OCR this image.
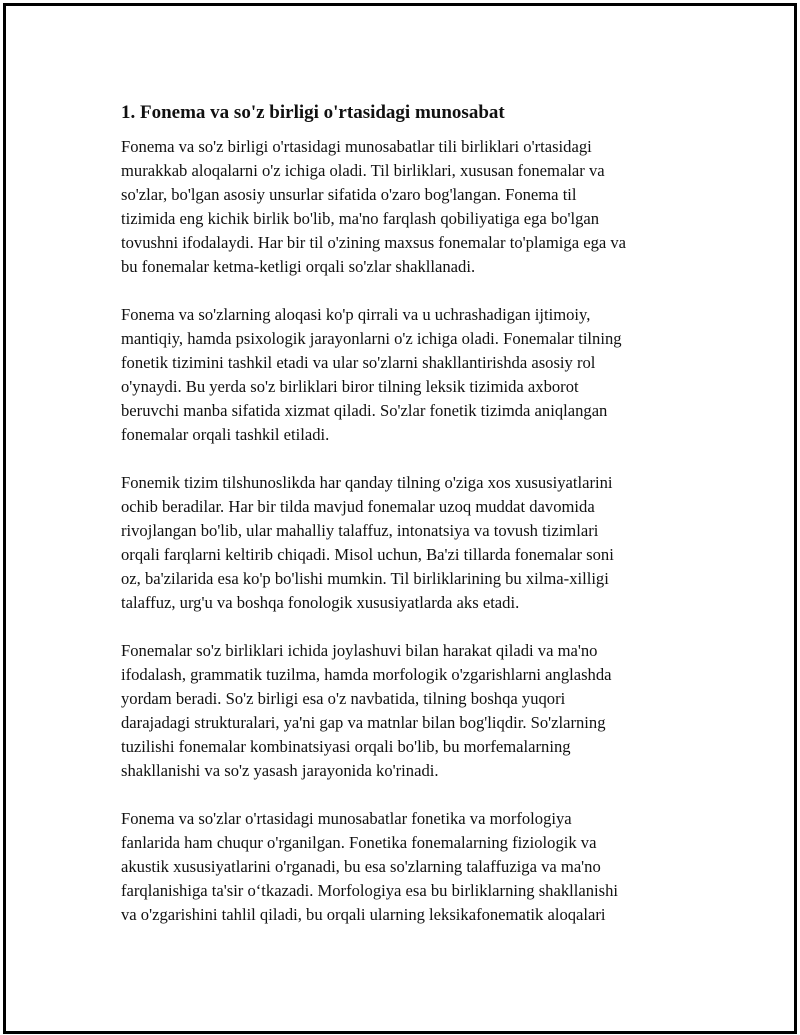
1. Fonema va so'z birligi o'rtasidagi munosabat

Fonema va so'z birligi o'rtasidagi munosabatlar tili birliklari o'rtasidagi
murakkab aloqalarni o'z ichiga oladi. Til birliklari, xususan fonemalar va
so'zlar, bo'lgan asosiy unsurlar sifatida o'zaro bog'langan. Fonema til
tizimida eng kichik birlik bo'lib, ma'no farqlash qobiliyatiga ega bo'lgan
tovushni ifodalaydi. Har bir til o'zining maxsus fonemalar to'plamiga ega va
bu fonemalar ketma-ketligi orqali so'zlar shakllanadi.

Fonema va so'zlarning aloqasi ko'p qirrali va u uchrashadigan ijtimoiy,
mantiqiy, hamda psixologik jarayonlarni o'z ichiga oladi. Fonemalar tilning
fonetik tizimini tashkil etadi va ular so'zlarni shakllantirishda asosiy rol
o'ynaydi. Bu yerda so'z birliklari biror tilning leksik tizimida axborot
beruvchi manba sifatida xizmat qiladi. So'zlar fonetik tizimda aniqlangan
fonemalar orqali tashkil etiladi.

Fonemik tizim tilshunoslikda har qanday tilning o'ziga xos xususiyatlarini
ochib beradilar. Har bir tilda mavjud fonemalar uzoq muddat davomida
rivojlangan bo'lib, ular mahalliy talaffuz, intonatsiya va tovush tizimlari
orqali farqlarni keltirib chiqadi. Misol uchun, Ba'zi tillarda fonemalar soni
oz, ba'zilarida esa ko'p bo'lishi mumkin. Til birliklarining bu xilma-xilligi
talaffuz, urg'u va boshqa fonologik xususiyatlarda aks etadi.

Fonemalar so'z birliklari ichida joylashuvi bilan harakat qiladi va ma'no
ifodalash, grammatik tuzilma, hamda morfologik o'zgarishlarni anglashda
yordam beradi. So'z birligi esa o'z navbatida, tilning boshqa yuqori
darajadagi strukturalari, ya'ni gap va matnlar bilan bog'liqdir. So'zlarning
tuzilishi fonemalar kombinatsiyasi orqali bo'lib, bu morfemalarning
shakllanishi va so'z yasash jarayonida ko'rinadi.

Fonema va so'zlar o'rtasidagi munosabatlar fonetika va morfologiya
fanlarida ham chuqur o'rganilgan. Fonetika fonemalarning fiziologik va
akustik xususiyatlarini o'rganadi, bu esa so'zlarning talaffuziga va ma'no
farqlanishiga ta'sir o‘tkazadi. Morfologiya esa bu birliklarning shakllanishi
va o'zgarishini tahlil qiladi, bu orqali ularning leksikafonematik aloqalari
